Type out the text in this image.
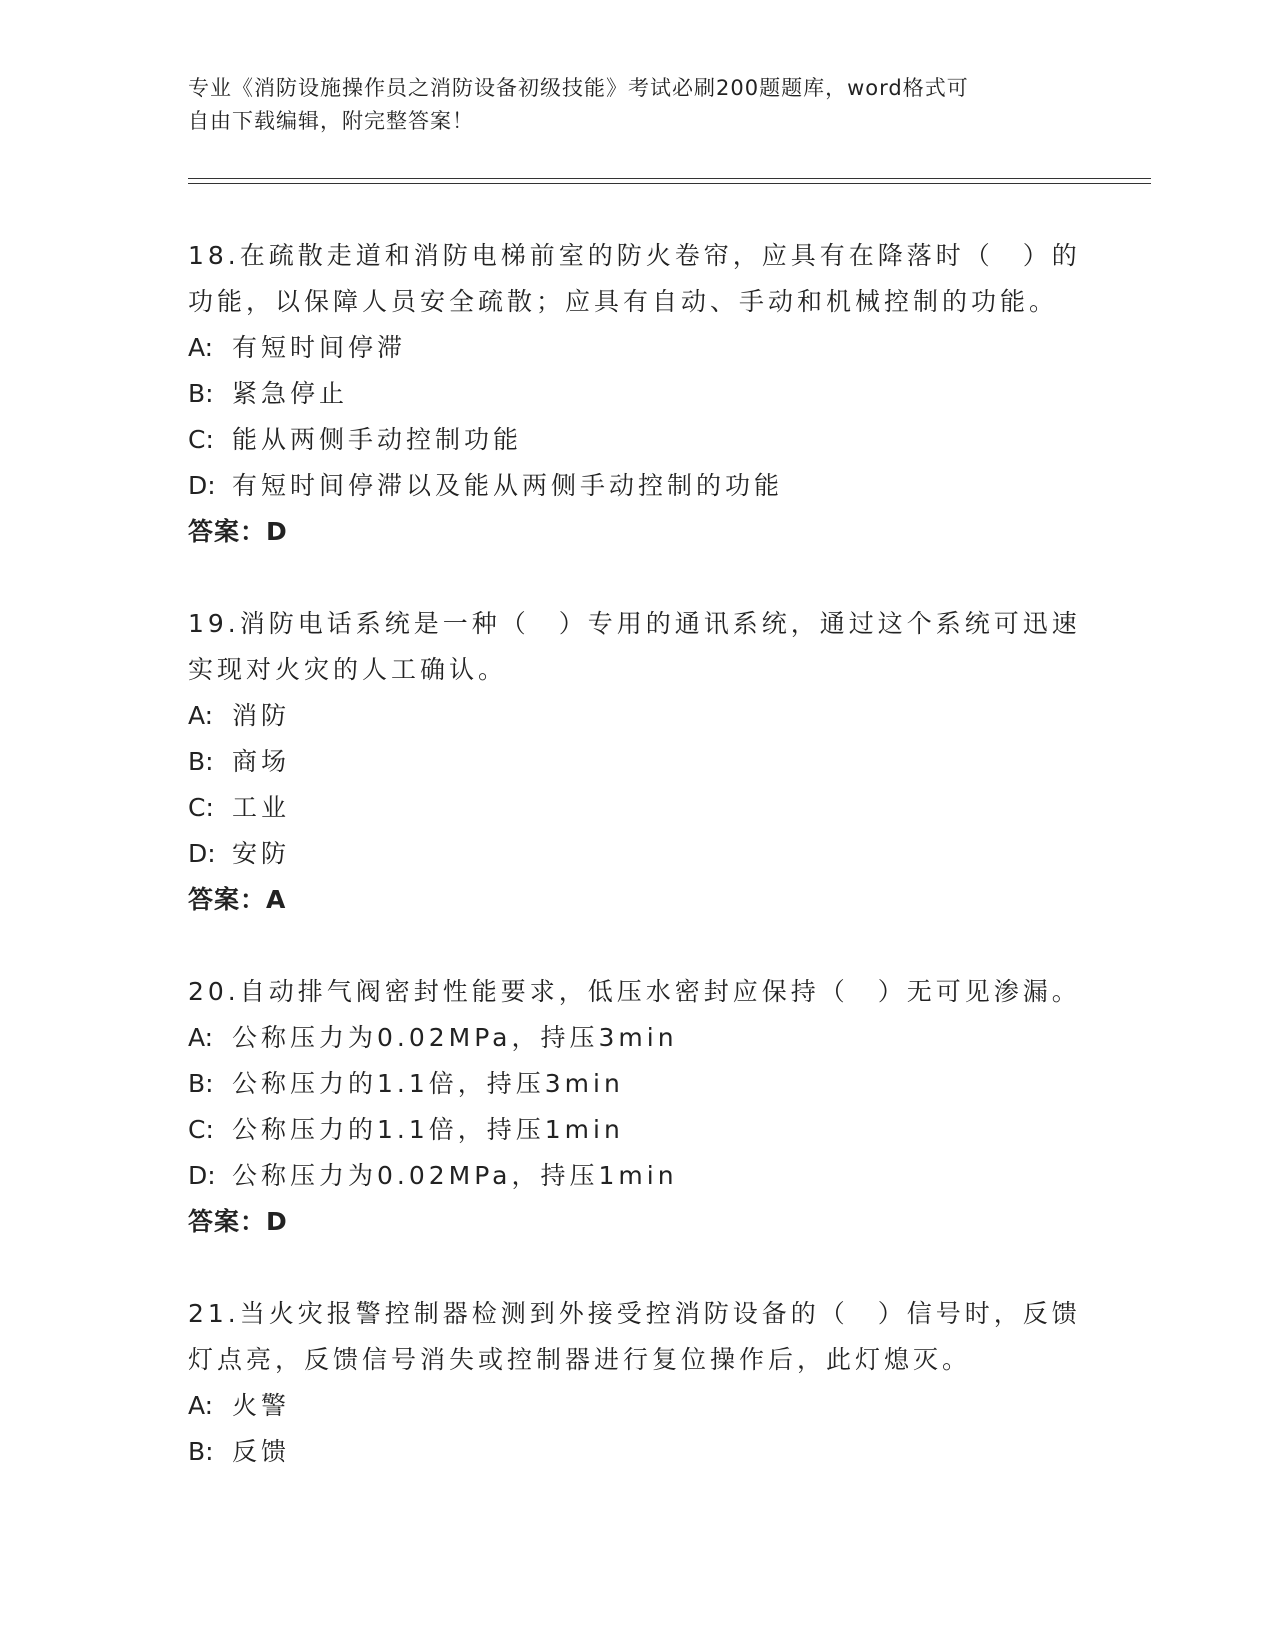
专业《消防设施操作员之消防设备初级技能》考试必刷200题题库，word格式可
自由下载编辑，附完整答案！
18.在疏散走道和消防电梯前室的防火卷帘，应具有在降落时（　）的
功能，以保障人员安全疏散；应具有自动、手动和机械控制的功能。
A: 有短时间停滞
B: 紧急停止
C: 能从两侧手动控制功能
D: 有短时间停滞以及能从两侧手动控制的功能
答案：D
19.消防电话系统是一种（　）专用的通讯系统，通过这个系统可迅速
实现对火灾的人工确认。
A: 消防
B: 商场
C: 工业
D: 安防
答案：A
20.自动排气阀密封性能要求，低压水密封应保持（　）无可见渗漏。
A: 公称压力为0.02MPa，持压3min
B: 公称压力的1.1倍，持压3min
C: 公称压力的1.1倍，持压1min
D: 公称压力为0.02MPa，持压1min
答案：D
21.当火灾报警控制器检测到外接受控消防设备的（　）信号时，反馈
灯点亮，反馈信号消失或控制器进行复位操作后，此灯熄灭。
A: 火警
B: 反馈
